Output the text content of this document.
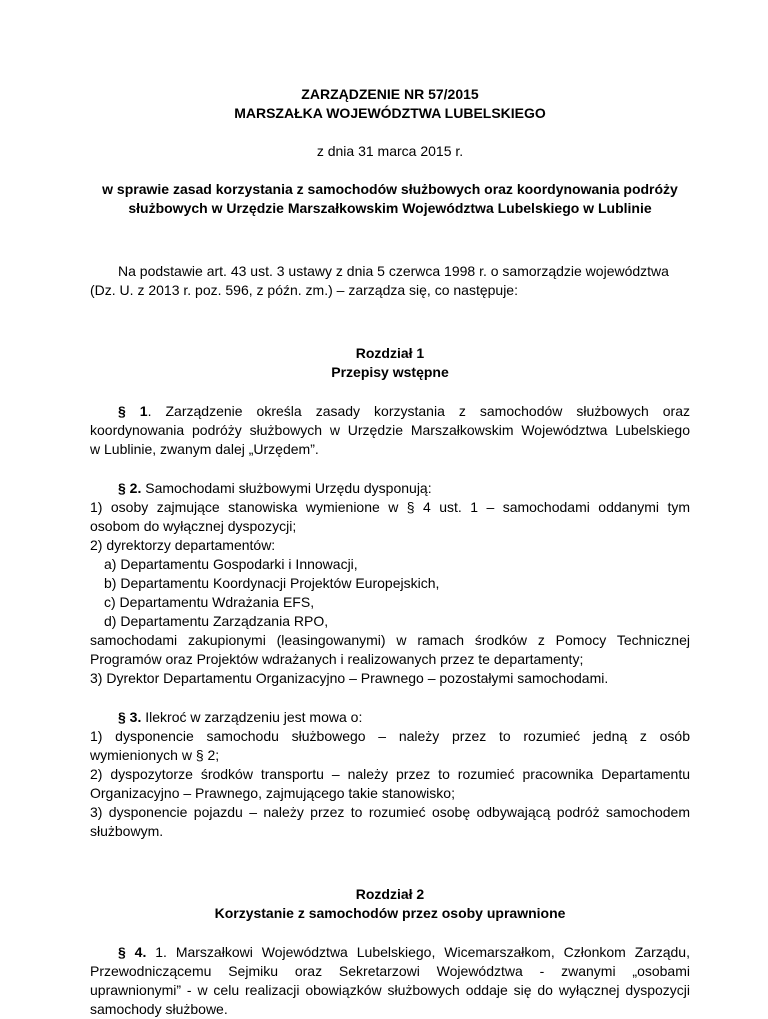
ZARZĄDZENIE NR 57/2015

MARSZAŁKA WOJEWÓDZTWA LUBELSKIEGO

z dnia 31 marca 2015 r.

w sprawie zasad korzystania z samochodów służbowych oraz koordynowania podróży

służbowych w Urzędzie Marszałkowskim Województwa Lubelskiego w Lublinie

Na podstawie art. 43 ust. 3 ustawy z dnia 5 czerwca 1998 r. o samorządzie województwa

(Dz. U. z 2013 r. poz. 596, z późn. zm.) – zarządza się, co następuje:

Rozdział 1

Przepisy wstępne

§ 1. Zarządzenie określa zasady korzystania z samochodów służbowych oraz

koordynowania podróży służbowych w Urzędzie Marszałkowskim Województwa Lubelskiego

w Lublinie, zwanym dalej „Urzędem”.

§ 2. Samochodami służbowymi Urzędu dysponują:

1) osoby zajmujące stanowiska wymienione w § 4 ust. 1 – samochodami oddanymi tym

osobom do wyłącznej dyspozycji;

2) dyrektorzy departamentów:

a) Departamentu Gospodarki i Innowacji,

b) Departamentu Koordynacji Projektów Europejskich,

c) Departamentu Wdrażania EFS,

d) Departamentu Zarządzania RPO,

samochodami zakupionymi (leasingowanymi) w ramach środków z Pomocy Technicznej

Programów oraz Projektów wdrażanych i realizowanych przez te departamenty;

3) Dyrektor Departamentu Organizacyjno – Prawnego – pozostałymi samochodami.

§ 3. Ilekroć w zarządzeniu jest mowa o:

1) dysponencie samochodu służbowego – należy przez to rozumieć jedną z osób

wymienionych w § 2;

2) dyspozytorze środków transportu – należy przez to rozumieć pracownika Departamentu

Organizacyjno – Prawnego, zajmującego takie stanowisko;

3) dysponencie pojazdu – należy przez to rozumieć osobę odbywającą podróż samochodem

służbowym.

Rozdział 2

Korzystanie z samochodów przez osoby uprawnione

§ 4. 1. Marszałkowi Województwa Lubelskiego, Wicemarszałkom, Członkom Zarządu,

Przewodniczącemu Sejmiku oraz Sekretarzowi Województwa - zwanymi „osobami

uprawnionymi” - w celu realizacji obowiązków służbowych oddaje się do wyłącznej dyspozycji

samochody służbowe.
